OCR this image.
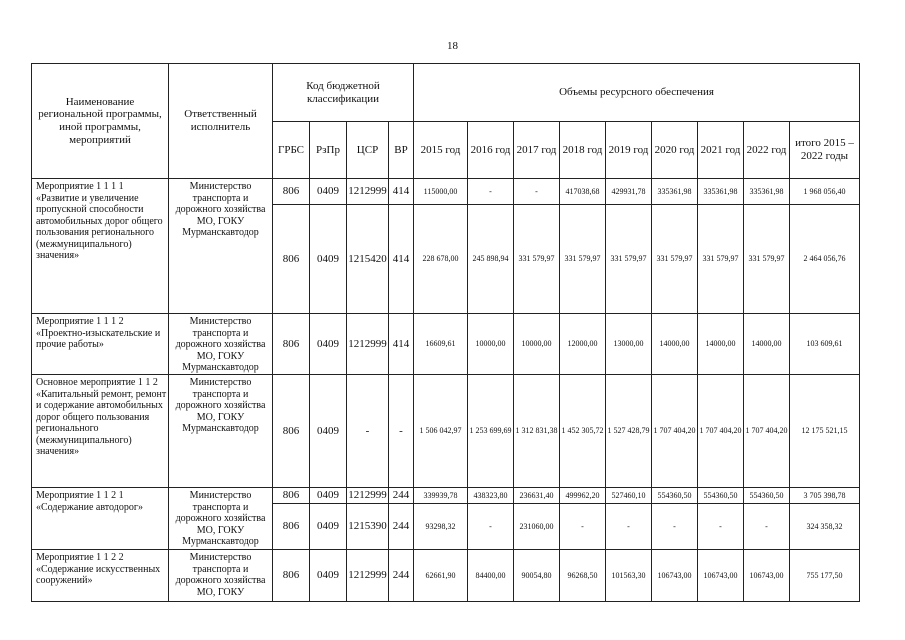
18
Наименование региональной программы, иной программы, мероприятий	Ответственный исполнитель	Код бюджетной классификации				Объемы ресурсного обеспечения								
		ГРБС	РзПр	ЦСР	ВР	2015 год	2016 год	2017 год	2018 год	2019 год	2020 год	2021 год	2022 год	итого 2015 – 2022 годы
Мероприятие 1 1 1 1 «Развитие и увеличение пропускной способности автомобильных дорог общего пользования регионального (межмуниципального) значения»	Министерство транспорта и дорожного хозяйства МО, ГОКУ Мурманскавтодор	806	0409	1212999	414	115000,00	-	-	417038,68	429931,78	335361,98	335361,98	335361,98	1 968 056,40
		806	0409	1215420	414	228 678,00	245 898,94	331 579,97	331 579,97	331 579,97	331 579,97	331 579,97	331 579,97	2 464 056,76
Мероприятие 1 1 1 2 «Проектно-изыскательские и прочие работы»	Министерство транспорта и дорожного хозяйства МО, ГОКУ Мурманскавтодор	806	0409	1212999	414	16609,61	10000,00	10000,00	12000,00	13000,00	14000,00	14000,00	14000,00	103 609,61
Основное мероприятие 1 1 2 «Капитальный ремонт, ремонт и содержание автомобильных дорог общего пользования регионального (межмуниципального) значения»	Министерство транспорта и дорожного хозяйства МО, ГОКУ Мурманскавтодор	806	0409	-	-	1 506 042,97	1 253 699,69	1 312 831,38	1 452 305,72	1 527 428,79	1 707 404,20	1 707 404,20	1 707 404,20	12 175 521,15
Мероприятие 1 1 2 1 «Содержание автодорог»	Министерство транспорта и дорожного хозяйства МО, ГОКУ Мурманскавтодор	806	0409	1212999	244	339939,78	438323,80	236631,40	499962,20	527460,10	554360,50	554360,50	554360,50	3 705 398,78
		806	0409	1215390	244	93298,32	-	231060,00	-	-	-	-	-	324 358,32
Мероприятие 1 1 2 2 «Содержание искусственных сооружений»	Министерство транспорта и дорожного хозяйства МО, ГОКУ	806	0409	1212999	244	62661,90	84400,00	90054,80	96268,50	101563,30	106743,00	106743,00	106743,00	755 177,50
